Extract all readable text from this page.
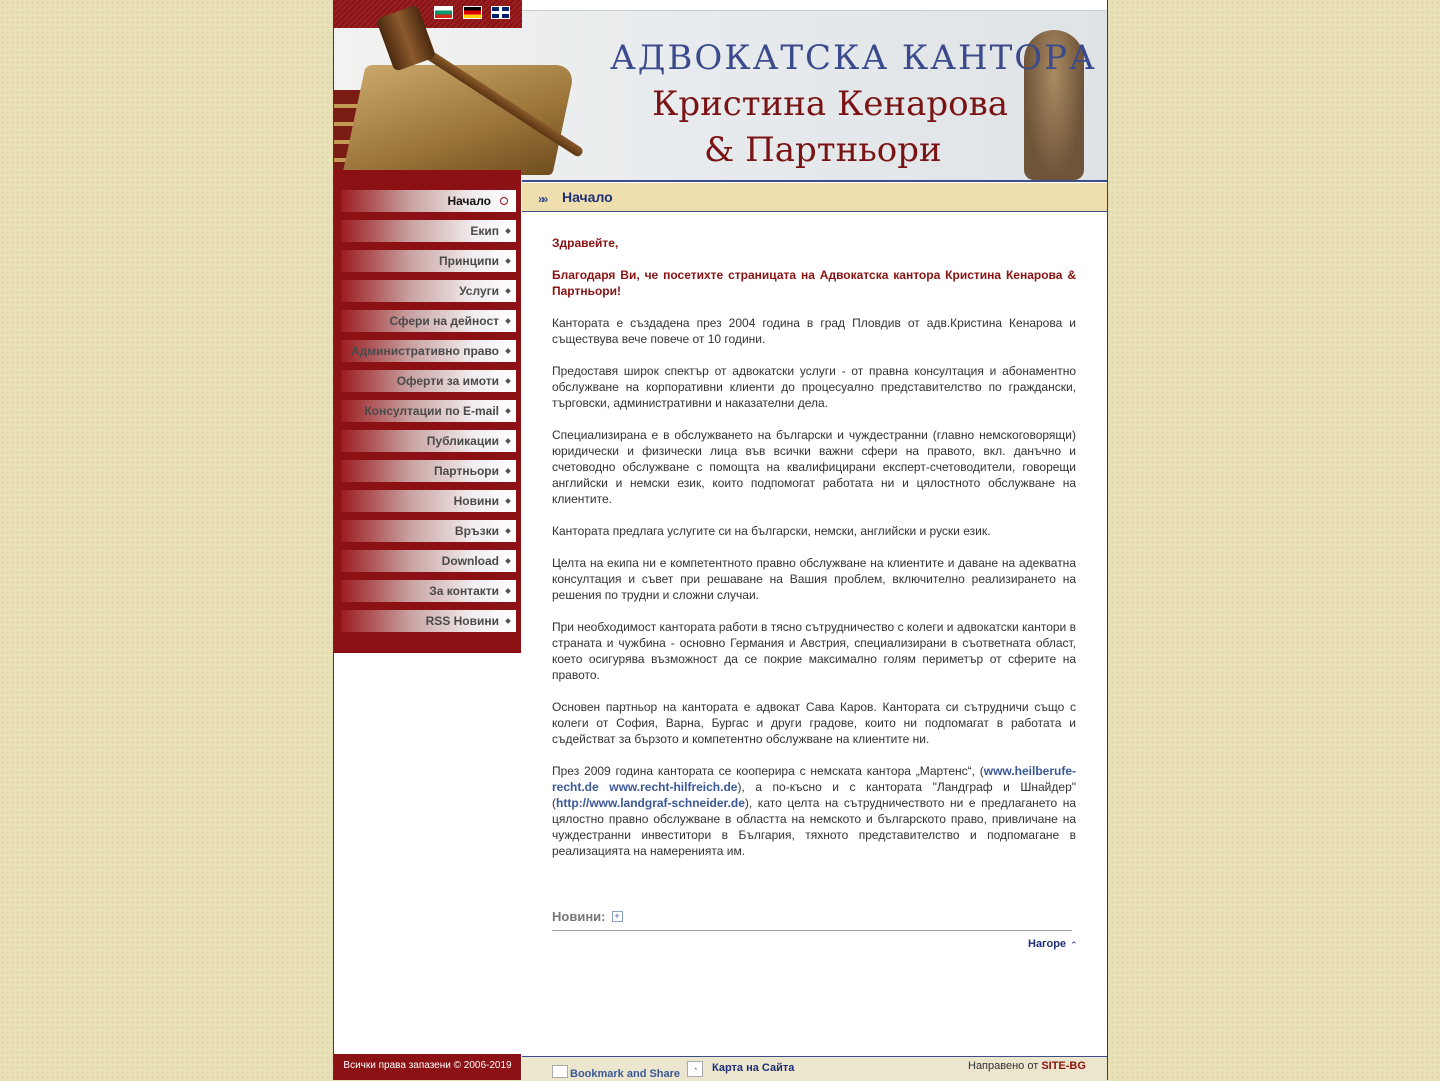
АДВОКАТСКА КАНТОРА
Кристина Кенарова
& Партньори
Начало
Екип
Принципи
Услуги
Сфери на дейност
Административно право
Оферти за имоти
Консултации по E-mail
Публикации
Партньори
Новини
Връзки
Download
За контакти
RSS Новини
»» Начало

Здравейте,

Благодаря Ви, че посетихте страницата на Адвокатска кантора Кристина Кенарова & Партньори!

Кантората е създадена през 2004 година в град Пловдив от адв.Кристина Кенарова и съществува вече повече от 10 години.

Предоставя широк спектър от адвокатски услуги - от правна консултация и абонаментно обслужване на корпоративни клиенти до процесуално представителство по граждански, търговски, административни и наказателни дела.

Специализирана е в обслужването на български и чуждестранни (главно немскоговорящи) юридически и физически лица във всички важни сфери на правото, вкл. данъчно и счетоводно обслужване с помощта на квалифицирани експерт-счетоводители, говорещи английски и немски език, които подпомогат работата ни и цялостното обслужване на клиентите.

Кантората предлага услугите си на български, немски, английски и руски език.

Целта на екипа ни е компетентното правно обслужване на клиентите и даване на адекватна консултация и съвет при решаване на Вашия проблем, включително реализирането на решения по трудни и сложни случаи.

При необходимост кантората работи в тясно сътрудничество с колеги и адвокатски кантори в страната и чужбина - основно Германия и Австрия, специализирани в съответната област, което осигурява възможност да се покрие максимално голям периметър от сферите на правото.

Основен партньор на кантората е адвокат Сава Каров. Кантората си сътрудничи също с колеги от София, Варна, Бургас и други градове, които ни подпомагат в работата и съдействат за бързото и компетентно обслужване на клиентите ни.

През 2009 година кантората се кооперира с немската кантора „Мартенс“, (www.heilberufe-recht.de www.recht-hilfreich.de), а по-късно и с кантората "Ландграф и Шнайдер" (http://www.landgraf-schneider.de), като целта на сътрудничеството ни е предлагането на цялостно правно обслужване в областта на немското и българското право, привличане на чуждестранни инвеститори в България, тяхното представителство и подпомагане в реализацията на намеренията им.

Новини: +
Нагоре ⌃
Всички права запазени © 2006-2019
Bookmark and Share	◔	Карта на Сайта	Направено от SITE-BG
